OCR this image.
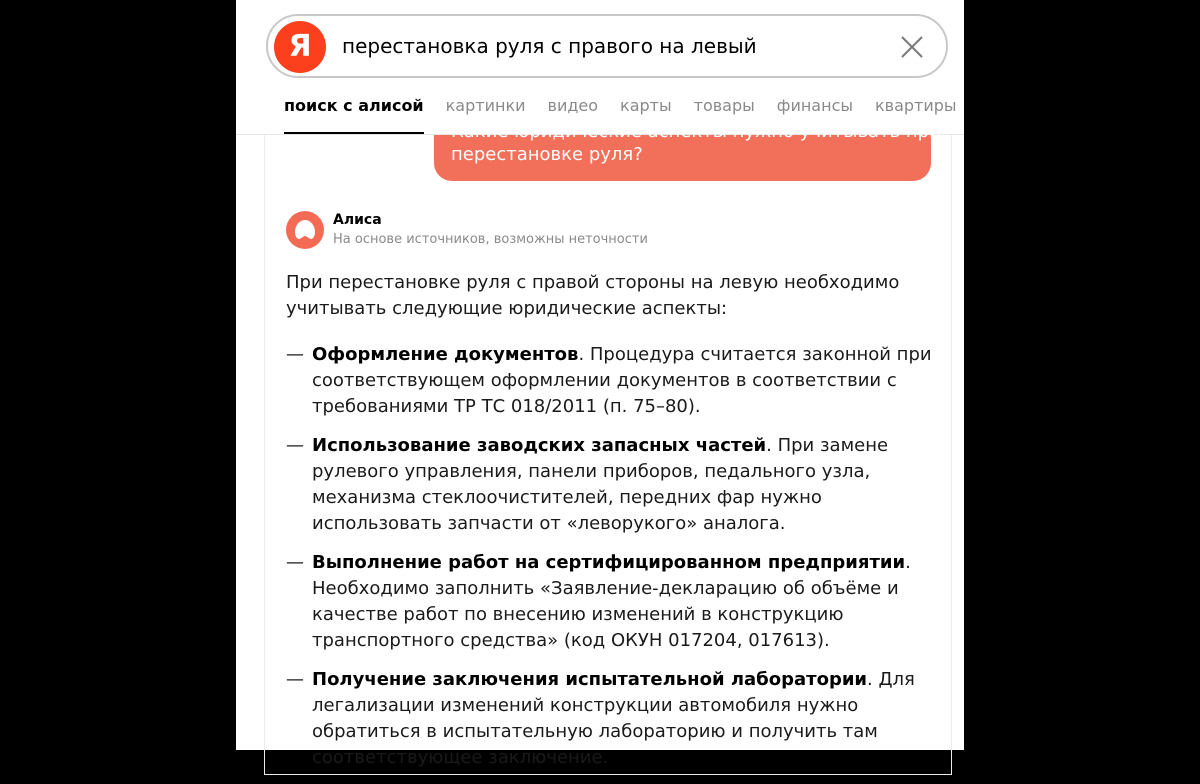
Я	перестановка руля с правого на левый
поиск с алисой картинки видео карты товары финансы квартиры
Какие юридические аспекты нужно учитывать при
перестановке руля?
Алиса
На основе источников, возможны неточности

При перестановке руля с правой стороны на левую необходимо учитывать следующие юридические аспекты:

— Оформление документов. Процедура считается законной при соответствующем оформлении документов в соответствии с требованиями ТР ТС 018/2011 (п. 75–80).
— Использование заводских запасных частей. При замене рулевого управления, панели приборов, педального узла, механизма стеклоочистителей, передних фар нужно использовать запчасти от «леворукого» аналога.
— Выполнение работ на сертифицированном предприятии. Необходимо заполнить «Заявление-декларацию об объёме и качестве работ по внесению изменений в конструкцию транспортного средства» (код ОКУН 017204, 017613).
— Получение заключения испытательной лаборатории. Для легализации изменений конструкции автомобиля нужно обратиться в испытательную лабораторию и получить там соответствующее заключение.
